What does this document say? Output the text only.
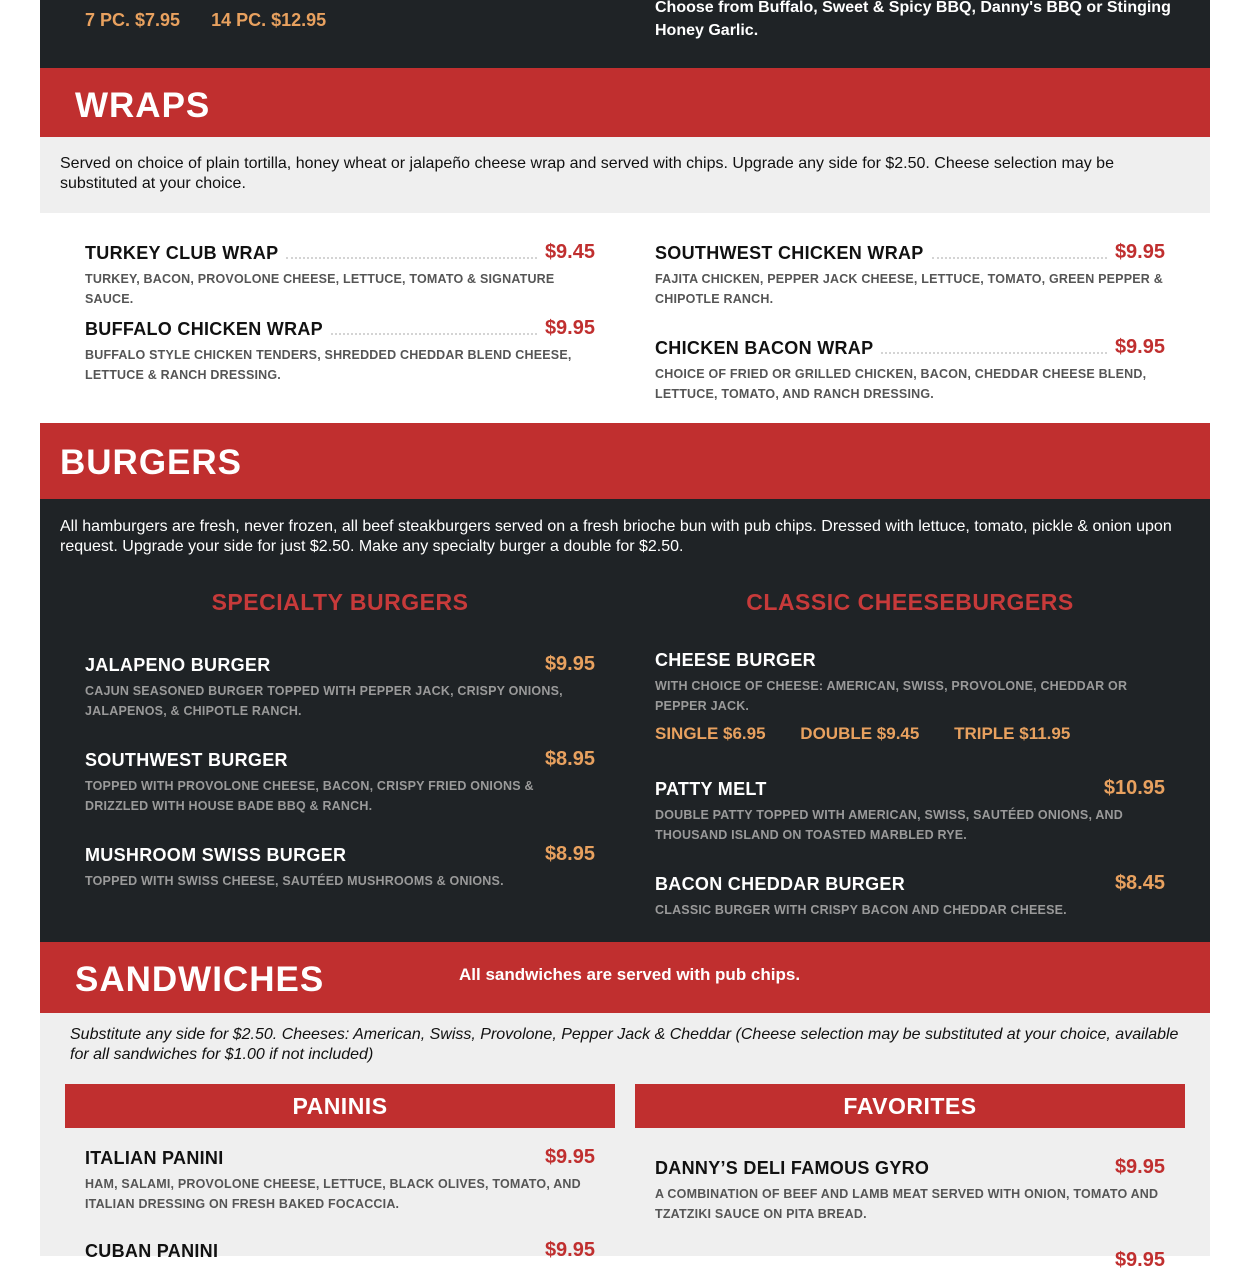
7 PC. $7.95 14 PC. $12.95
Choose from Buffalo, Sweet & Spicy BBQ, Danny's BBQ or Stinging Honey Garlic.
WRAPS
Served on choice of plain tortilla, honey wheat or jalapeño cheese wrap and served with chips. Upgrade any side for $2.50. Cheese selection may be substituted at your choice.
TURKEY CLUB WRAP	$9.45
TURKEY, BACON, PROVOLONE CHEESE, LETTUCE, TOMATO & SIGNATURE SAUCE.
BUFFALO CHICKEN WRAP	$9.95
BUFFALO STYLE CHICKEN TENDERS, SHREDDED CHEDDAR BLEND CHEESE, LETTUCE & RANCH DRESSING.
SOUTHWEST CHICKEN WRAP	$9.95
FAJITA CHICKEN, PEPPER JACK CHEESE, LETTUCE, TOMATO, GREEN PEPPER & CHIPOTLE RANCH.
CHICKEN BACON WRAP	$9.95
CHOICE OF FRIED OR GRILLED CHICKEN, BACON, CHEDDAR CHEESE BLEND, LETTUCE, TOMATO, AND RANCH DRESSING.
BURGERS
All hamburgers are fresh, never frozen, all beef steakburgers served on a fresh brioche bun with pub chips. Dressed with lettuce, tomato, pickle & onion upon request. Upgrade your side for just $2.50. Make any specialty burger a double for $2.50.
SPECIALTY BURGERS	CLASSIC CHEESEBURGERS
JALAPENO BURGER	$9.95
CAJUN SEASONED BURGER TOPPED WITH PEPPER JACK, CRISPY ONIONS, JALAPENOS, & CHIPOTLE RANCH.
SOUTHWEST BURGER	$8.95
TOPPED WITH PROVOLONE CHEESE, BACON, CRISPY FRIED ONIONS & DRIZZLED WITH HOUSE BADE BBQ & RANCH.
MUSHROOM SWISS BURGER	$8.95
TOPPED WITH SWISS CHEESE, SAUTÉED MUSHROOMS & ONIONS.
CHEESE BURGER
WITH CHOICE OF CHEESE: AMERICAN, SWISS, PROVOLONE, CHEDDAR OR PEPPER JACK.
SINGLE $6.95 DOUBLE $9.45 TRIPLE $11.95
PATTY MELT	$10.95
DOUBLE PATTY TOPPED WITH AMERICAN, SWISS, SAUTÉED ONIONS, AND THOUSAND ISLAND ON TOASTED MARBLED RYE.
BACON CHEDDAR BURGER	$8.45
CLASSIC BURGER WITH CRISPY BACON AND CHEDDAR CHEESE.
SANDWICHES	All sandwiches are served with pub chips.
Substitute any side for $2.50. Cheeses: American, Swiss, Provolone, Pepper Jack & Cheddar (Cheese selection may be substituted at your choice, available for all sandwiches for $1.00 if not included)
PANINIS	FAVORITES
ITALIAN PANINI	$9.95
HAM, SALAMI, PROVOLONE CHEESE, LETTUCE, BLACK OLIVES, TOMATO, AND ITALIAN DRESSING ON FRESH BAKED FOCACCIA.
CUBAN PANINI	$9.95
DANNY’S DELI FAMOUS GYRO	$9.95
A COMBINATION OF BEEF AND LAMB MEAT SERVED WITH ONION, TOMATO AND TZATZIKI SAUCE ON PITA BREAD.
$9.95
